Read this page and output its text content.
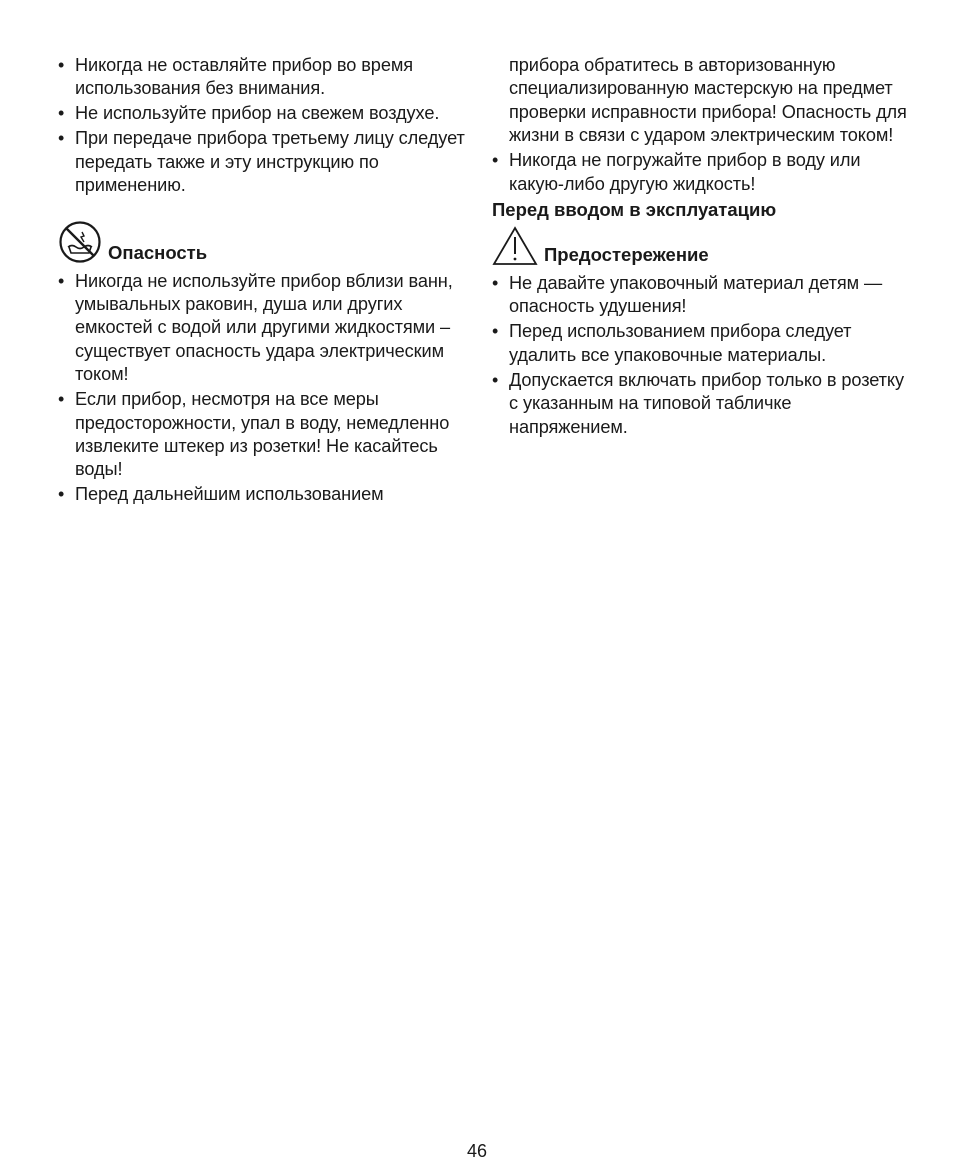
• Никогда не оставляйте прибор во время использования без внимания.
• Не используйте прибор на свежем воздухе.
• При передаче прибора третьему лицу следует передать также и эту инструкцию по применению.
Опасность
• Никогда не используйте прибор вблизи ванн, умывальных раковин, душа или других емкостей с водой или другими жидкостями – существует опасность удара электрическим током!
• Если прибор, несмотря на все меры предосторожности, упал в воду, немедленно извлеките штекер из розетки! Не касайтесь воды!
• Перед дальнейшим использованием
прибора обратитесь в авторизованную специализированную мастерскую на предмет проверки исправности прибора! Опасность для жизни в связи с ударом электрическим током!
• Никогда не погружайте прибор в воду или какую-либо другую жидкость!
Перед вводом в эксплуатацию
Предостережение
• Не давайте упаковочный материал детям — опасность удушения!
• Перед использованием прибора следует удалить все упаковочные материалы.
• Допускается включать прибор только в розетку с указанным на типовой табличке напряжением.
46
